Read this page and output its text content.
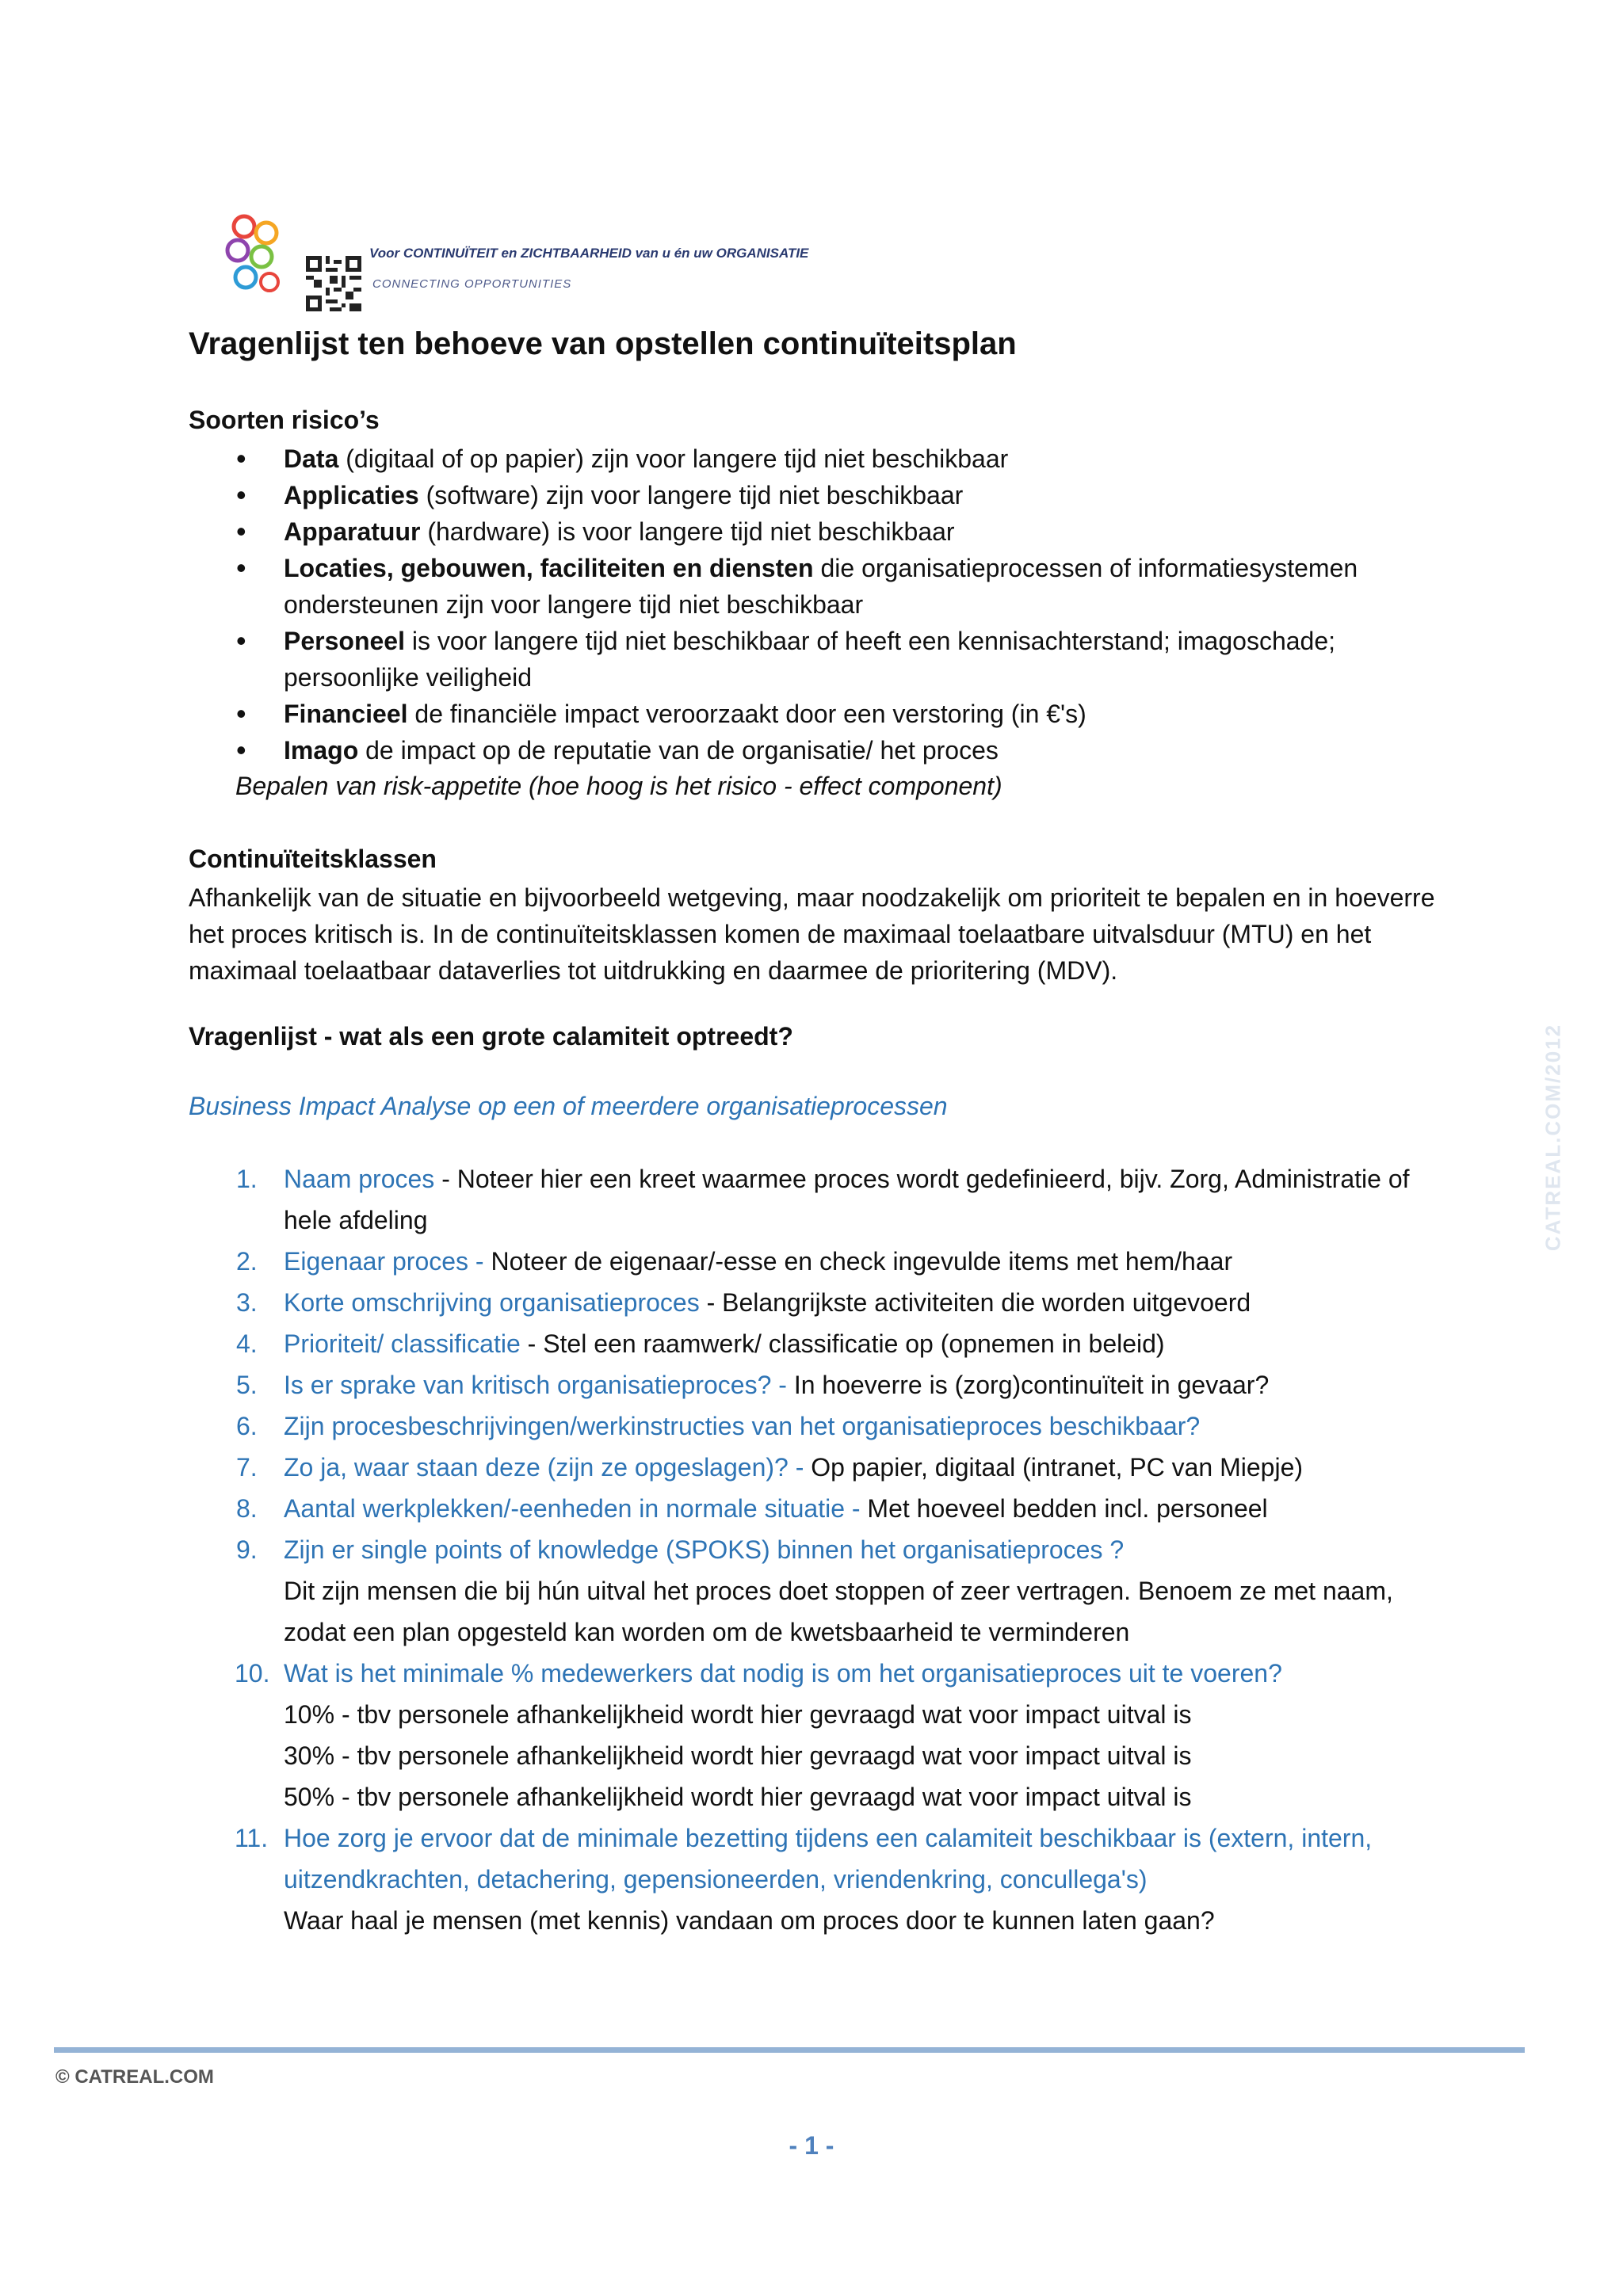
Voor CONTINUÏTEIT en ZICHTBAARHEID van u én uw ORGANISATIE
CONNECTING OPPORTUNITIES
Vragenlijst ten behoeve van opstellen continuïteitsplan
Soorten risico’s
• Data (digitaal of op papier) zijn voor langere tijd niet beschikbaar
• Applicaties (software) zijn voor langere tijd niet beschikbaar
• Apparatuur (hardware) is voor langere tijd niet beschikbaar
• Locaties, gebouwen, faciliteiten en diensten die organisatieprocessen of informatiesystemen ondersteunen zijn voor langere tijd niet beschikbaar
• Personeel is voor langere tijd niet beschikbaar of heeft een kennisachterstand; imagoschade; persoonlijke veiligheid
• Financieel de financiële impact veroorzaakt door een verstoring (in €'s)
• Imago de impact op de reputatie van de organisatie/ het proces
Bepalen van risk-appetite (hoe hoog is het risico - effect component)
Continuïteitsklassen

Afhankelijk van de situatie en bijvoorbeeld wetgeving, maar noodzakelijk om prioriteit te bepalen en in hoeverre het proces kritisch is. In de continuïteitsklassen komen de maximaal toelaatbare uitvalsduur (MTU) en het maximaal toelaatbaar dataverlies tot uitdrukking en daarmee de prioritering (MDV).

Vragenlijst - wat als een grote calamiteit optreedt?
Business Impact Analyse op een of meerdere organisatieprocessen
1.	Naam proces - Noteer hier een kreet waarmee proces wordt gedefinieerd, bijv. Zorg, Administratie of hele afdeling
2.	Eigenaar proces - Noteer de eigenaar/-esse en check ingevulde items met hem/haar
3.	Korte omschrijving organisatieproces - Belangrijkste activiteiten die worden uitgevoerd
4.	Prioriteit/ classificatie - Stel een raamwerk/ classificatie op (opnemen in beleid)
5.	Is er sprake van kritisch organisatieproces? - In hoeverre is (zorg)continuïteit in gevaar?
6.	Zijn procesbeschrijvingen/werkinstructies van het organisatieproces beschikbaar?
7.	Zo ja, waar staan deze (zijn ze opgeslagen)? - Op papier, digitaal (intranet, PC van Miepje)
8.	Aantal werkplekken/-eenheden in normale situatie - Met hoeveel bedden incl. personeel
9.	Zijn er single points of knowledge (SPOKS) binnen het organisatieproces ?
Dit zijn mensen die bij hún uitval het proces doet stoppen of zeer vertragen. Benoem ze met naam, zodat een plan opgesteld kan worden om de kwetsbaarheid te verminderen
10. Wat is het minimale % medewerkers dat nodig is om het organisatieproces uit te voeren?
10% - tbv personele afhankelijkheid wordt hier gevraagd wat voor impact uitval is
30% - tbv personele afhankelijkheid wordt hier gevraagd wat voor impact uitval is
50% - tbv personele afhankelijkheid wordt hier gevraagd wat voor impact uitval is
11. Hoe zorg je ervoor dat de minimale bezetting tijdens een calamiteit beschikbaar is (extern, intern, uitzendkrachten, detachering, gepensioneerden, vriendenkring, concullega's)
Waar haal je mensen (met kennis) vandaan om proces door te kunnen laten gaan?
CATREAL.COM/2012
© CATREAL.COM
- 1 -
